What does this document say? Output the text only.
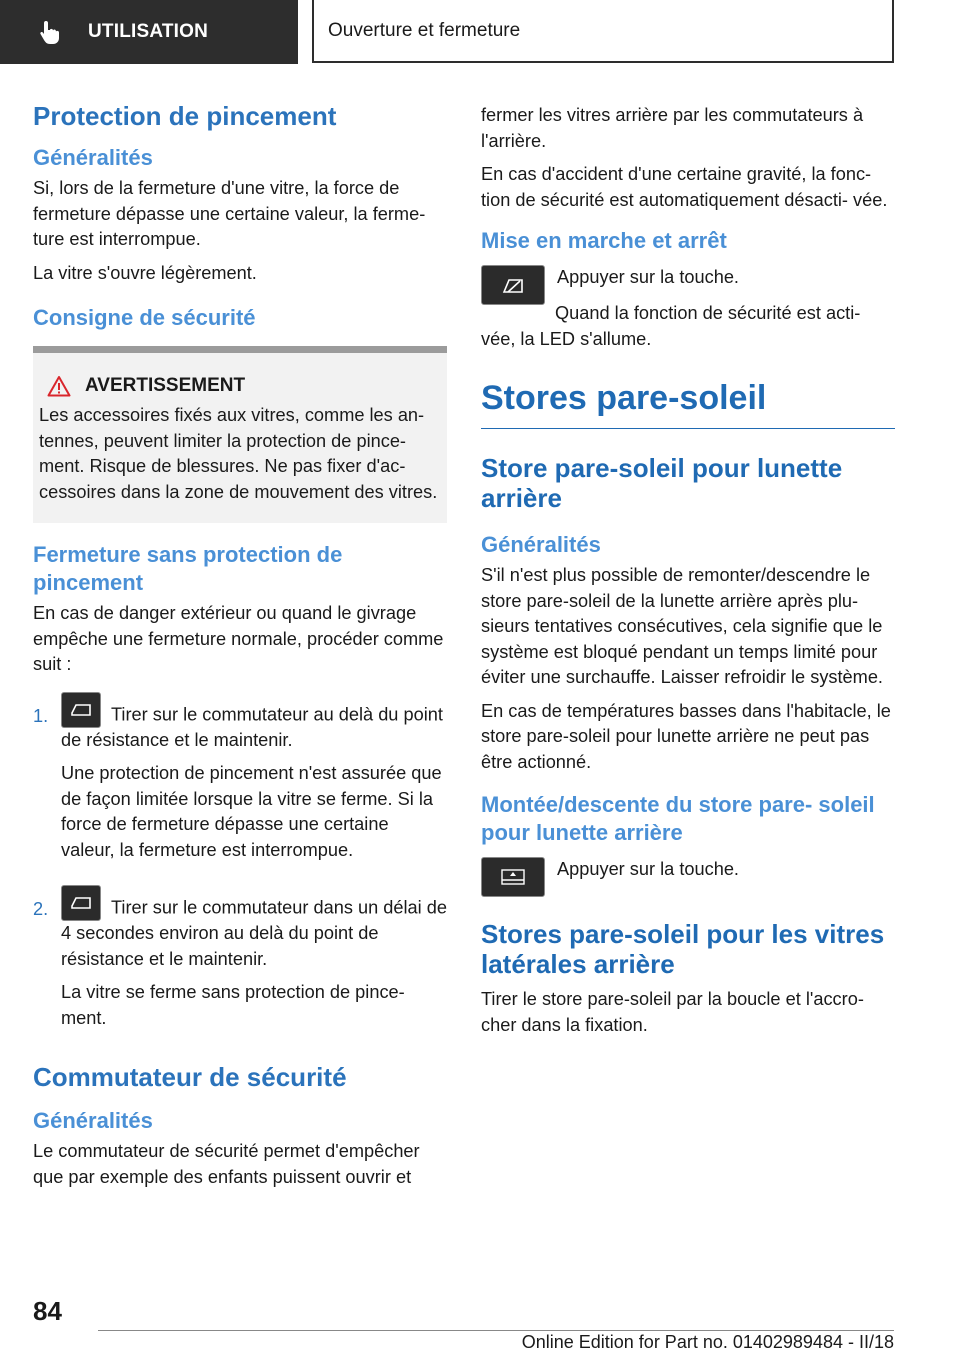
UTILISATION	Ouverture et fermeture
Protection de pincement
Généralités

Si, lors de la fermeture d'une vitre, la force de fermeture dépasse une certaine valeur, la ferme‐ ture est interrompue.

La vitre s'ouvre légèrement.

Consigne de sécurité
AVERTISSEMENT

Les accessoires fixés aux vitres, comme les an‐ tennes, peuvent limiter la protection de pince‐ ment. Risque de blessures. Ne pas fixer d'ac‐ cessoires dans la zone de mouvement des vitres.

Fermeture sans protection de pincement

En cas de danger extérieur ou quand le givrage empêche une fermeture normale, procéder comme suit :

1.	Tirer sur le commutateur au delà du point de résistance et le maintenir.

Une protection de pincement n'est assurée que de façon limitée lorsque la vitre se ferme. Si la force de fermeture dépasse une certaine valeur, la fermeture est interrompue.

2.	Tirer sur le commutateur dans un délai de 4 secondes environ au delà du point de résistance et le maintenir.

La vitre se ferme sans protection de pince‐ ment.

Commutateur de sécurité
Généralités

Le commutateur de sécurité permet d'empêcher que par exemple des enfants puissent ouvrir et

fermer les vitres arrière par les commutateurs à l'arrière.

En cas d'accident d'une certaine gravité, la fonc‐ tion de sécurité est automatiquement désacti‐ vée.

Mise en marche et arrêt

Appuyer sur la touche.

Quand la fonction de sécurité est acti‐ vée, la LED s'allume.

Stores pare-soleil
Store pare-soleil pour lunette arrière
Généralités

S'il n'est plus possible de remonter/descendre le store pare-soleil de la lunette arrière après plu‐ sieurs tentatives consécutives, cela signifie que le système est bloqué pendant un temps limité pour éviter une surchauffe. Laisser refroidir le système.

En cas de températures basses dans l'habitacle, le store pare-soleil pour lunette arrière ne peut pas être actionné.

Montée/descente du store pare‐ soleil pour lunette arrière

Appuyer sur la touche.

Stores pare-soleil pour les vitres latérales arrière

Tirer le store pare-soleil par la boucle et l'accro‐ cher dans la fixation.

84
Online Edition for Part no. 01402989484 - II/18
